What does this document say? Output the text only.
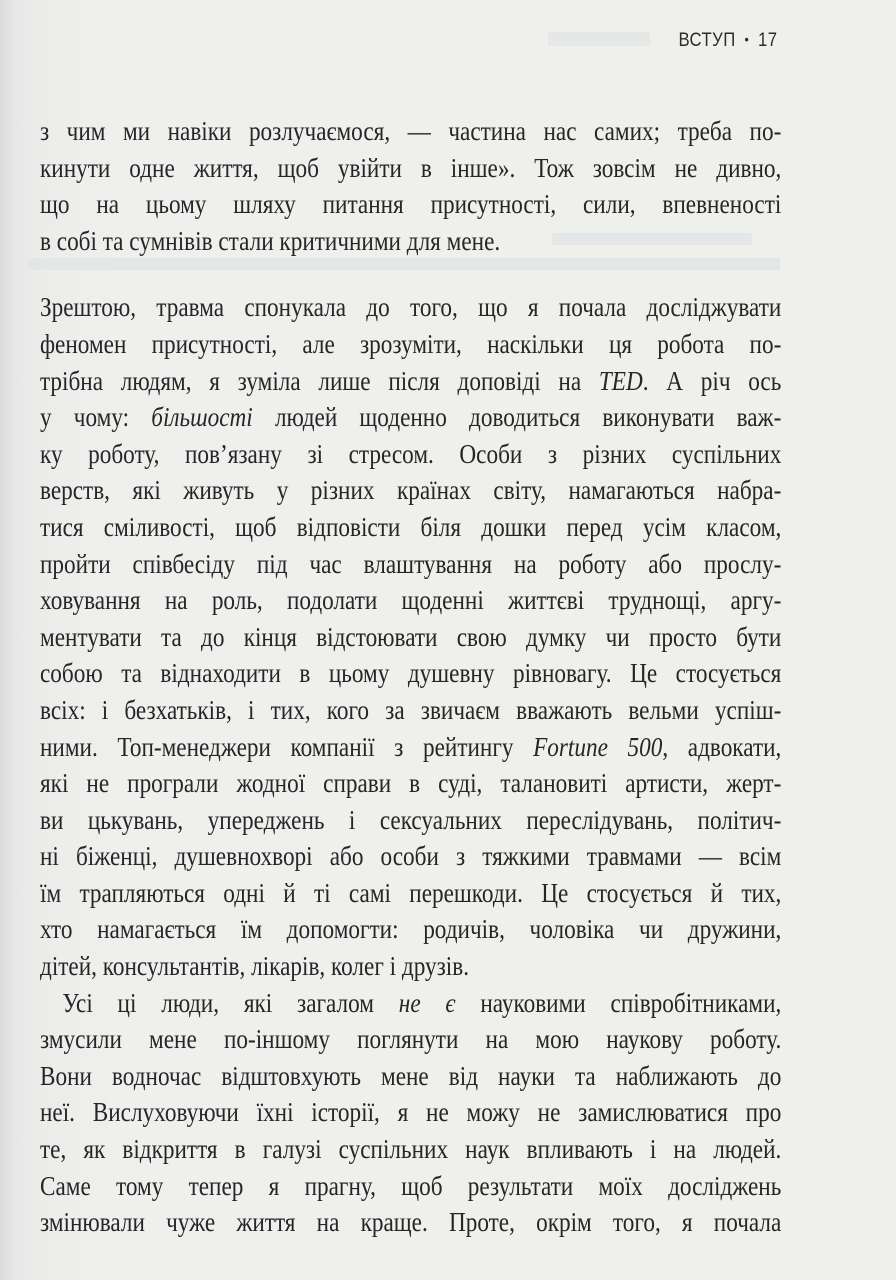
ВСТУП • 17
з чим ми навіки розлучаємося, — частина нас самих; треба по-
кинути одне життя, щоб увійти в інше». Тож зовсім не дивно,
що на цьому шляху питання присутності, сили, впевненості
в собі та сумнівів стали критичними для мене.
Зрештою, травма спонукала до того, що я почала досліджувати
феномен присутності, але зрозуміти, наскільки ця робота по-
трібна людям, я зуміла лише після доповіді на TED. А річ ось
у чому: більшості людей щоденно доводиться виконувати важ-
ку роботу, пов’язану зі стресом. Особи з різних суспільних
верств, які живуть у різних країнах світу, намагаються набра-
тися сміливості, щоб відповісти біля дошки перед усім класом,
пройти співбесіду під час влаштування на роботу або прослу-
ховування на роль, подолати щоденні життєві труднощі, аргу-
ментувати та до кінця відстоювати свою думку чи просто бути
собою та віднаходити в цьому душевну рівновагу. Це стосується
всіх: і безхатьків, і тих, кого за звичаєм вважають вельми успіш-
ними. Топ-менеджери компанії з рейтингу Fortune 500, адвокати,
які не програли жодної справи в суді, талановиті артисти, жерт-
ви цькувань, упереджень і сексуальних переслідувань, політич-
ні біженці, душевнохворі або особи з тяжкими травмами — всім
їм трапляються одні й ті самі перешкоди. Це стосується й тих,
хто намагається їм допомогти: родичів, чоловіка чи дружини,
дітей, консультантів, лікарів, колег і друзів.
Усі ці люди, які загалом не є науковими співробітниками,
змусили мене по-іншому поглянути на мою наукову роботу.
Вони водночас відштовхують мене від науки та наближають до
неї. Вислуховуючи їхні історії, я не можу не замислюватися про
те, як відкриття в галузі суспільних наук впливають і на людей.
Саме тому тепер я прагну, щоб результати моїх досліджень
змінювали чуже життя на краще. Проте, окрім того, я почала
